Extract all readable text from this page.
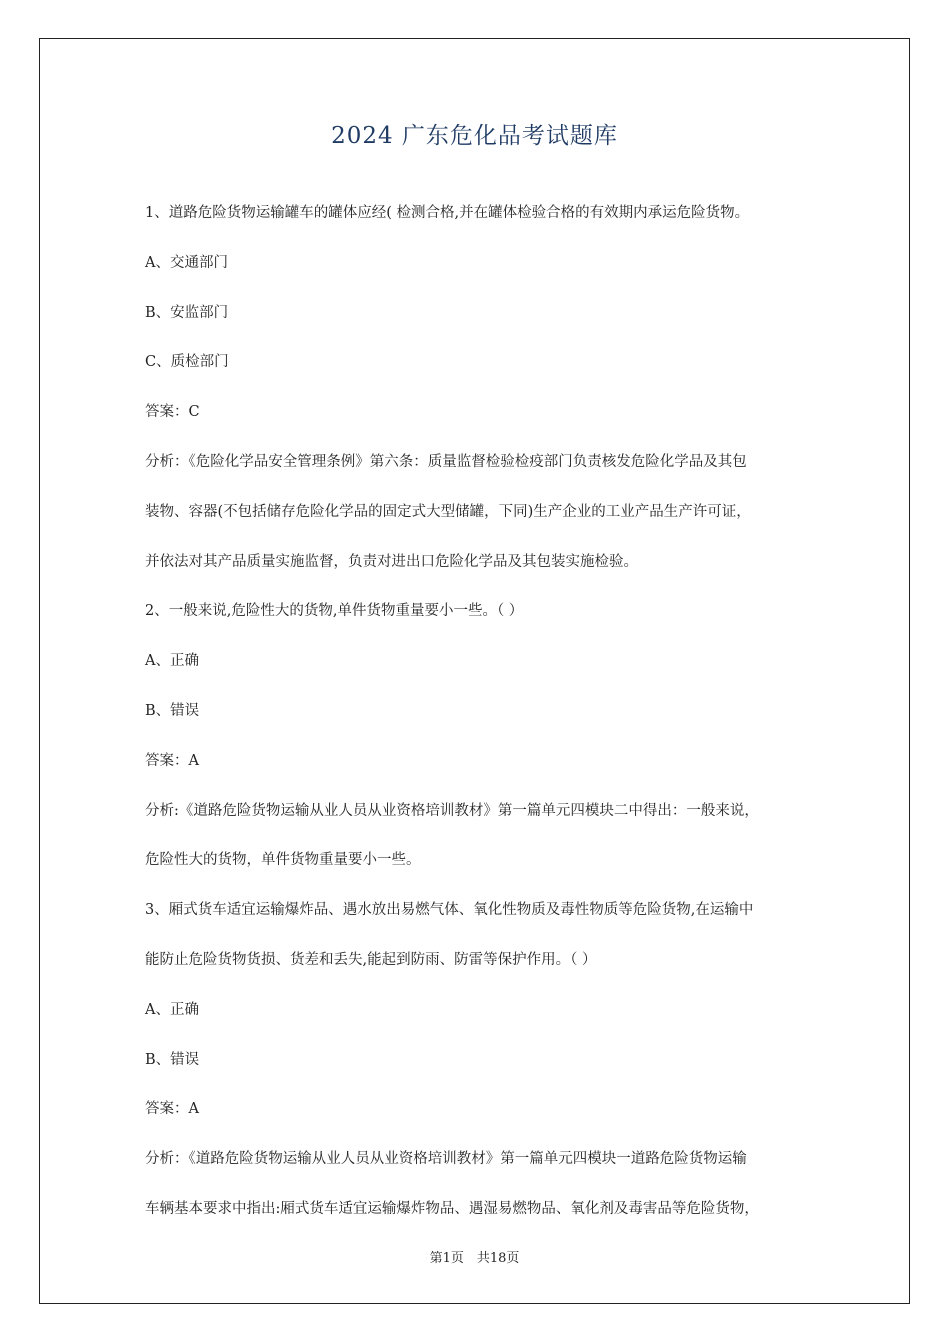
2024 广东危化品考试题库
1、道路危险货物运输罐车的罐体应经( 检测合格,并在罐体检验合格的有效期内承运危险货物。
A、交通部门
B、安监部门
C、质检部门
答案：C
分析：《危险化学品安全管理条例》第六条：质量监督检验检疫部门负责核发危险化学品及其包
装物、容器(不包括储存危险化学品的固定式大型储罐，下同)生产企业的工业产品生产许可证，
并依法对其产品质量实施监督，负责对进出口危险化学品及其包装实施检验。
2、一般来说,危险性大的货物,单件货物重量要小一些。（ ）
A、正确
B、错误
答案：A
分析:《道路危险货物运输从业人员从业资格培训教材》第一篇单元四模块二中得出：一般来说，
危险性大的货物，单件货物重量要小一些。
3、厢式货车适宜运输爆炸品、遇水放出易燃气体、氧化性物质及毒性物质等危险货物,在运输中
能防止危险货物货损、货差和丢失,能起到防雨、防雷等保护作用。（ ）
A、正确
B、错误
答案：A
分析：《道路危险货物运输从业人员从业资格培训教材》第一篇单元四模块一道路危险货物运输
车辆基本要求中指出:厢式货车适宜运输爆炸物品、遇湿易燃物品、氧化剂及毒害品等危险货物，
第1页　共18页
